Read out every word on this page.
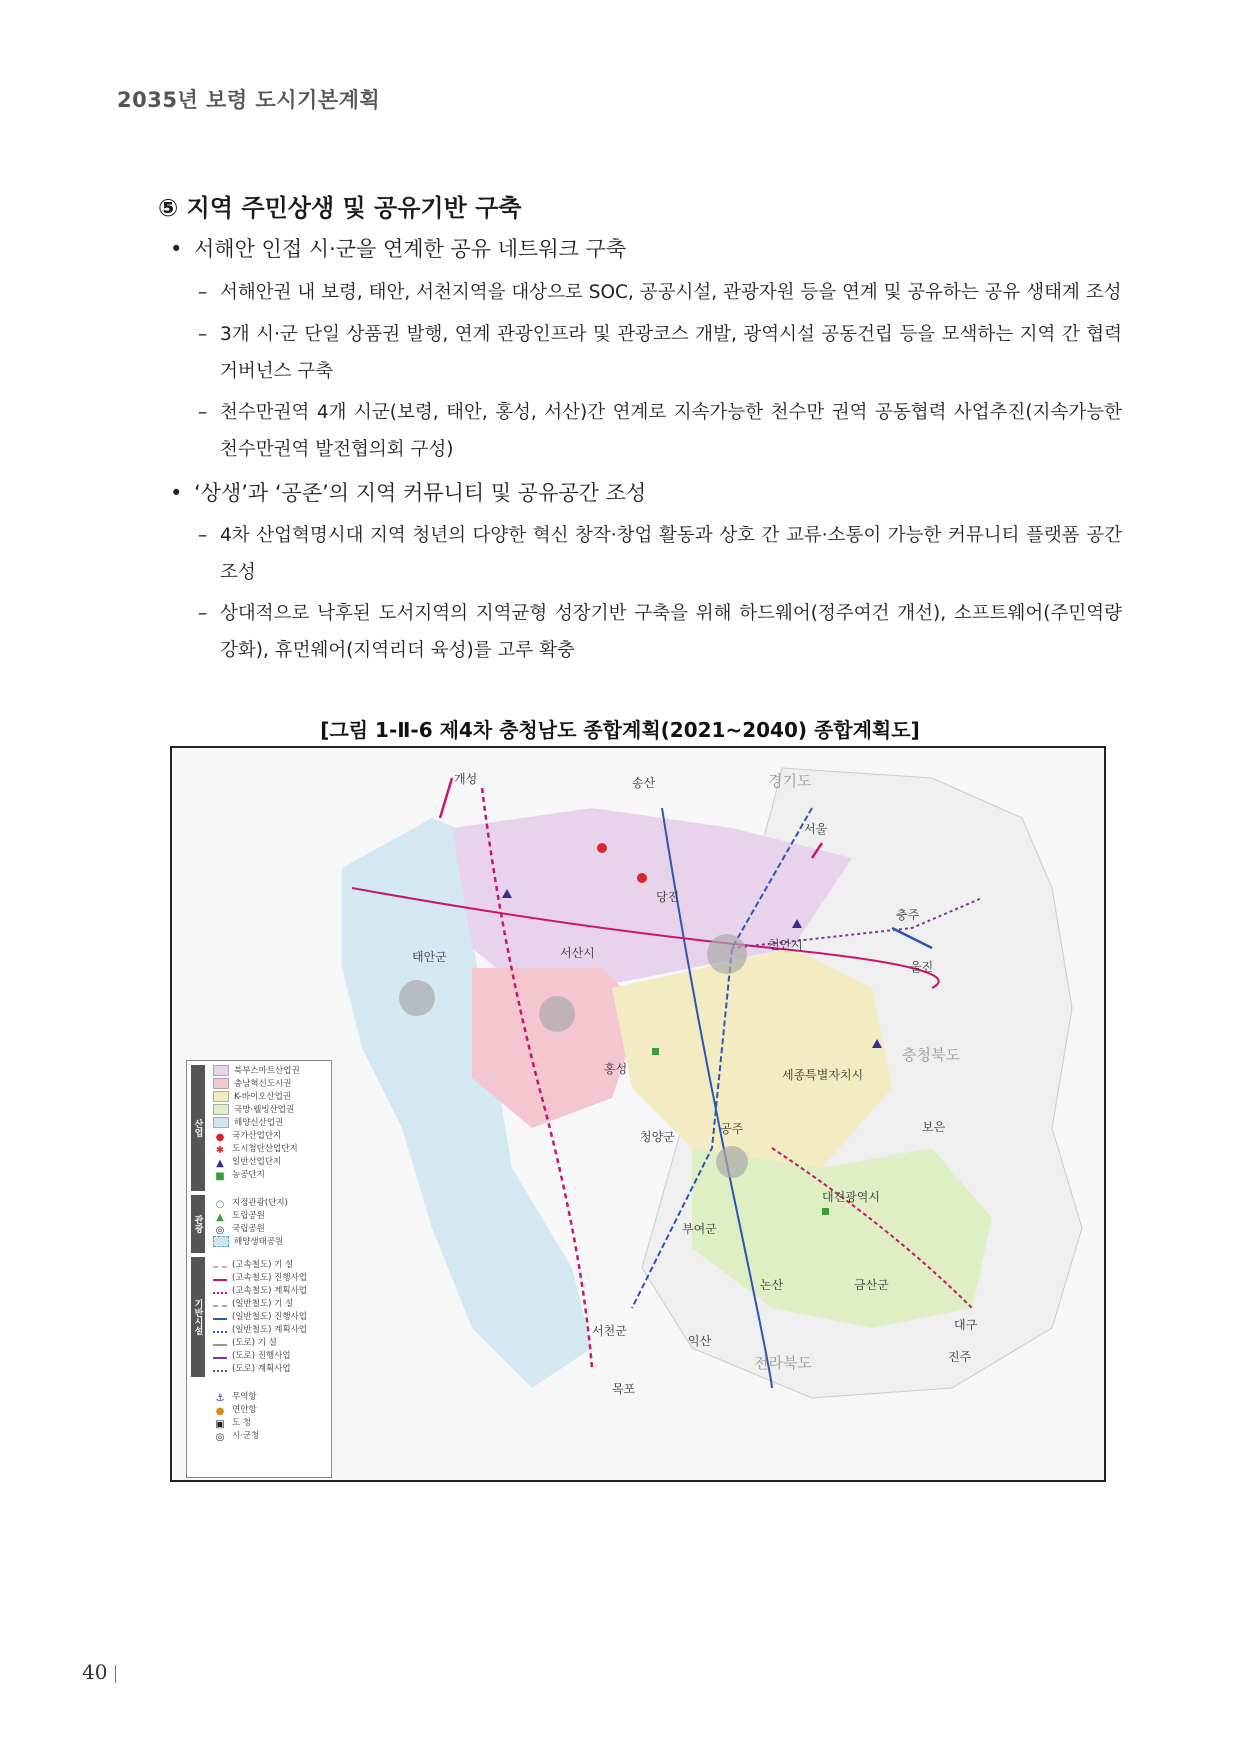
2035년 보령 도시기본계획
⑤ 지역 주민상생 및 공유기반 구축
• 서해안 인접 시·군을 연계한 공유 네트워크 구축
– 서해안권 내 보령, 태안, 서천지역을 대상으로 SOC, 공공시설, 관광자원 등을 연계 및 공유하는 공유 생태계 조성
– 3개 시·군 단일 상품권 발행, 연계 관광인프라 및 관광코스 개발, 광역시설 공동건립 등을 모색하는 지역 간 협력 거버넌스 구축
– 천수만권역 4개 시군(보령, 태안, 홍성, 서산)간 연계로 지속가능한 천수만 권역 공동협력 사업추진(지속가능한 천수만권역 발전협의회 구성)
• ‘상생’과 ‘공존’의 지역 커뮤니티 및 공유공간 조성
– 4차 산업혁명시대 지역 청년의 다양한 혁신 창작·창업 활동과 상호 간 교류·소통이 가능한 커뮤니티 플랫폼 공간 조성
– 상대적으로 낙후된 도서지역의 지역균형 성장기반 구축을 위해 하드웨어(정주여건 개선), 소프트웨어(주민역량 강화), 휴먼웨어(지역리더 육성)를 고루 확충
[그림 1-Ⅱ-6 제4차 충청남도 종합계획(2021~2040) 종합계획도]
개성	송산	경기도
서울
충주
울진
충청북도
보은
대구
진주
전라북도
익산
목포
금산군
천안시
당진
서산시
태안군
홍성	세종특별자치시
부여군
논산
서천군
대전광역시
청양군
공주
산업
관광
기반시설
북부스마트산업권
충남혁신도시권
K-바이오산업권
국방·웰빙산업권
해양신산업권
● 국가산업단지
✱ 도시첨단산업단지
▲ 일반산업단지
■ 농공단지
○ 지정관광(단지)
▲ 도립공원
◎ 국립공원
해양생태공원
(고속철도) 기 설
(고속철도) 진행사업
(고속철도) 계획사업
(일반철도) 기 설
(일반철도) 진행사업
(일반철도) 계획사업
(도로) 기 설
(도로) 진행사업
(도로) 계획사업
⚓ 무역항
● 연안항
▣ 도 청
◎ 시·군청
40
